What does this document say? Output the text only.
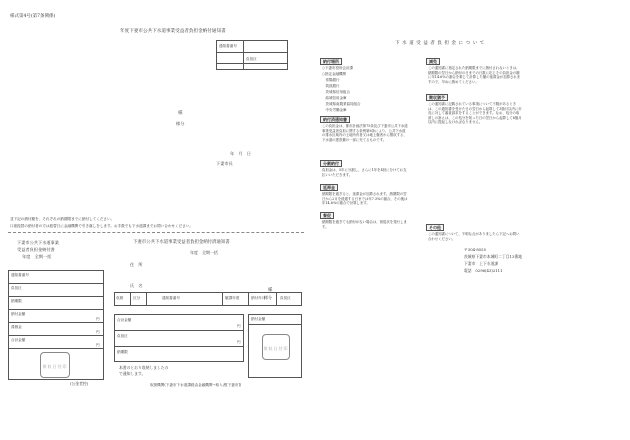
様式第4号(第7条関係)
年度下妻市公共下水道事業受益者負担金納付通知書
通知書番号
負担区
様
様分
年　月　日
下妻市長
並下記の納付額を、それぞれの納期限までに納付してください。
口座振替の納付者の方は振替日に金融機関で引き落しをします。お手数でも下水道課までお問い合わせください。
下妻市公共下水道事業
受益者負担金納付書
年度　全期一括
通知書番号
負担区
納期限
納付金額
滞納金
合計金額
円
円
円
領収日付印
(公金者控)
下妻市公共下水道事業受益者負担金納付済通知書
年度　全期一括
住　所
氏　名
様
様分
収納	区分	通知書番号	賦課年度	納付年月	負担区
合計金額
負担区
納期限
円
円
本書のとおり収納しましたの
で通知します。
納付金額
領収日付印
取扱機関(下妻市下水道課経由金融機関→取入者[下妻市])
下 水 道 受 益 者 負 担 金 に つ い て
納付場所
○下妻市役所会計課
○指定金融機関
　常陽銀行
　筑波銀行
　茨城県信用組合
　結城信用金庫
　茨城県南農業協同組合
　中央労働金庫
納付済通知書
この負担金は、都市計画法第75条及び下妻市公共下水道事業受益者負担に関する条例第6条により、公共下水道の排水区域内の土地所有者又は地上権者から徴収する、下水道の建設費の一部に充てるものです。
分割納付
負担金は、5年に分割し、さらに1年を4回に分けてお支払いいただきます。
延滞金
納期限を過ぎると、延滞金が加算されます。納期限の翌日から2月を経過する日までは年7.3%の割合、その後は年14.6%の割合で計算します。
督促
納期限を過ぎても納付がない場合は、督促状を発行します。
減免
この通知書に指定された納期限までに納付されないときは、納期限の翌日から納付の日までの日数に応じその負担金の額に年14.6%の割合を乗じて計算した額の延滞金が加算されますので、早めに納めてください。
徴収猶予
この通知書に記載されている事項について不服があるときは、この通知書を受けた日の翌日から起算して3箇月以内に市長に対して審査請求をすることができます。なお、処分の取消しの訴えは、この処分を知った日の翌日から起算して6箇月以内に提起しなければなりません。
その他
この通知書について、不明な点がありましたら下記へお問い合わせください。
〒304-8555
茨城県下妻市本城町二丁目13番地
下妻市　上下水道課
電話　0296(43)2111
